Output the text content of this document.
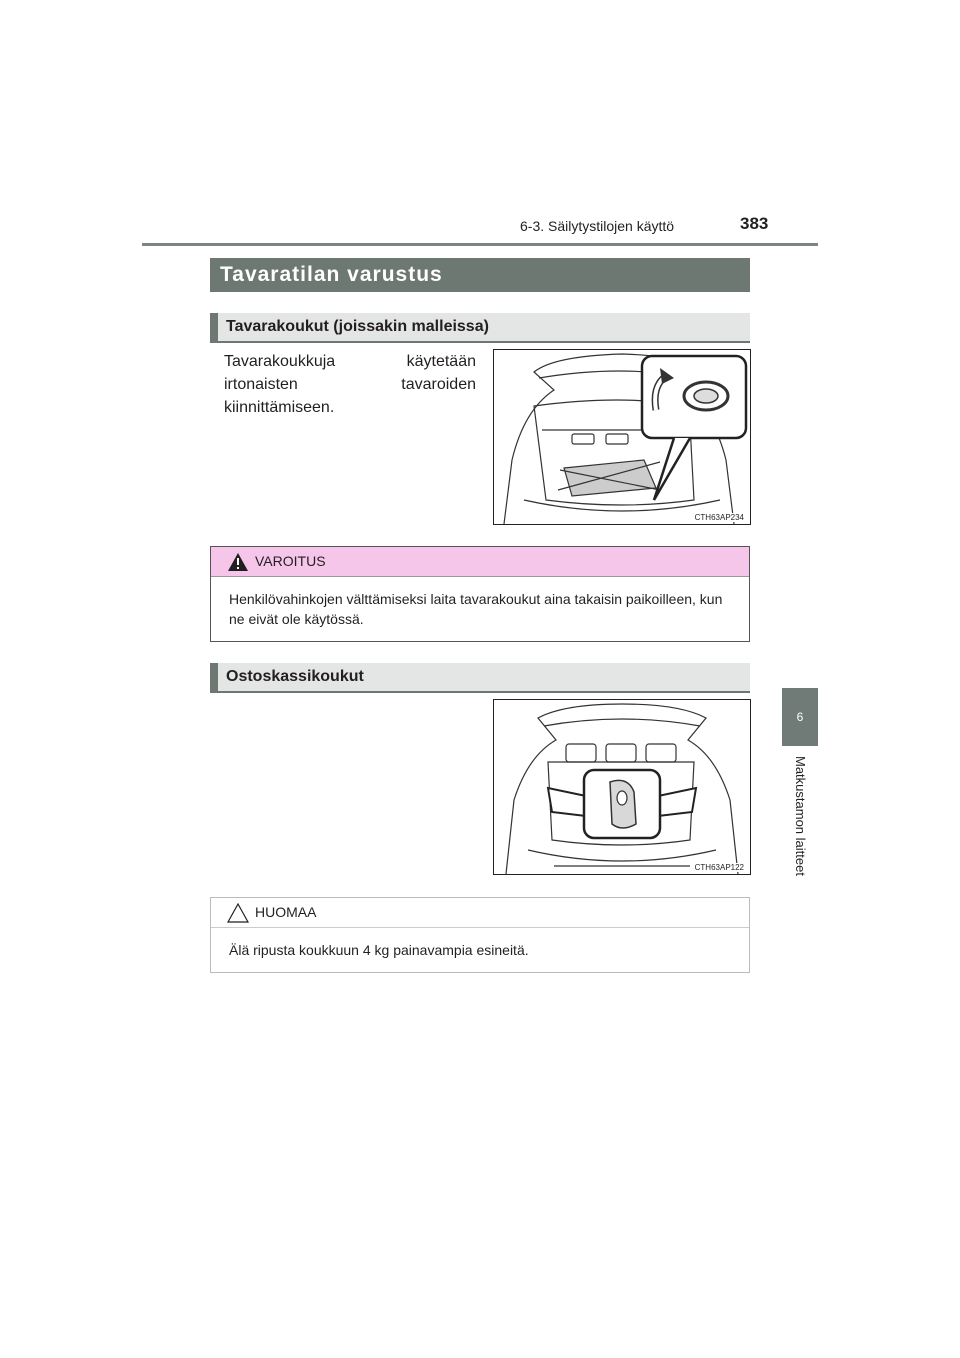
6-3. Säilytystilojen käyttö	383
6
Matkustamon laitteet
Tavaratilan varustus
Tavarakoukut (joissakin malleissa)
Tavarakoukkuja käytetään irtonaisten tavaroiden kiinnittämiseen.
CTH63AP234
VAROITUS
Henkilövahinkojen välttämiseksi laita tavarakoukut aina takaisin paikoilleen, kun ne eivät ole käytössä.
Ostoskassikoukut
CTH63AP122
HUOMAA
Älä ripusta koukkuun 4 kg painavampia esineitä.
